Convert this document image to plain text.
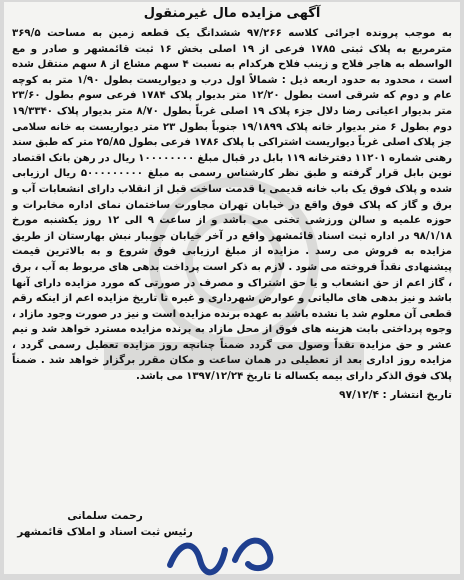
آگهی مزایده مال غیرمنقول
به موجب پرونده اجرائی کلاسه ۹۷/۲۶۶ ششدانگ یک قطعه زمین به مساحت ۳۶۹/۵ مترمربع به پلاک ثبتی ۱۷۸۵ فرعی از ۱۹ اصلی بخش ۱۶ ثبت قائمشهر و صادر و مع الواسطه به هاجر فلاح و زینب فلاح هرکدام به نسبت ۴ سهم مشاع از ۸ سهم منتقل شده است ، محدود به حدود اربعه ذیل : شمالاً اول درب و دیواریست بطول ۱/۹۰ متر به کوچه عام و دوم که شرقی است بطول ۱۲/۲۰ متر بدیوار پلاک ۱۷۸۴ فرعی سوم بطول ۲۳/۶۰ متر بدیوار اعیانی رضا دلال جزء پلاک ۱۹ اصلی غرباً بطول ۸/۷۰ متر بدیوار پلاک ۱۹/۳۳۴۰ دوم بطول ۶ متر بدیوار خانه پلاک ۱۹/۱۸۹۹ جنوباً بطول ۲۳ متر دیواریست به خانه سلامی جز پلاک اصلی غرباً دیواریست اشتراکی با پلاک ۱۷۸۶ فرعی بطول ۲۵/۸۵ متر که طبق سند رهنی شماره ۱۱۲۰۱ دفترخانه ۱۱۹ بابل در قبال مبلغ ۱۰۰۰۰۰۰۰۰ ریال در رهن بانک اقتصاد نوین بابل قرار گرفته و طبق نظر کارشناس رسمی به مبلغ ۵۰۰۰۰۰۰۰۰۰ ریال ارزیابی شده و پلاک فوق یک باب خانه قدیمی با قدمت ساخت قبل از انقلاب دارای انشعابات آب و برق و گاز که پلاک فوق واقع در خیابان تهران مجاورت ساختمان نمای اداره مخابرات و حوزه علمیه و سالن ورزشی تختی می باشد و از ساعت ۹ الی ۱۲ روز یکشنبه مورخ ۹۸/۱/۱۸ در اداره ثبت اسناد قائمشهر واقع در آخر خیابان جویبار نبش بهارستان از طریق مزایده به فروش می رسد . مزایده از مبلغ ارزیابی فوق شروع و به بالاترین قیمت پیشنهادی نقداً فروخته می شود . لازم به ذکر است پرداخت بدهی های مربوط به آب ، برق ، گاز اعم از حق انشعاب و یا حق اشتراک و مصرف در صورتی که مورد مزایده دارای آنها باشد و نیز بدهی های مالیاتی و عوارض شهرداری و غیره تا تاریخ مزایده اعم از اینکه رقم قطعی آن معلوم شد یا نشده باشد به عهده برنده مزایده است و نیز در صورت وجود مازاد ، وجوه پرداختی بابت هزینه های فوق از محل مازاد به برنده مزایده مسترد خواهد شد و نیم عشر و حق مزایده نقداً وصول می گردد ضمناً چنانچه روز مزایده تعطیل رسمی گردد ، مزایده روز اداری بعد از تعطیلی در همان ساعت و مکان مقرر برگزار خواهد شد . ضمناً پلاک فوق الذکر دارای بیمه یکساله تا تاریخ ۱۳۹۷/۱۲/۲۴ می باشد.
تاریخ انتشار : ۹۷/۱۲/۴
رحمت سلمانی
رئیس ثبت اسناد و املاک قائمشهر
